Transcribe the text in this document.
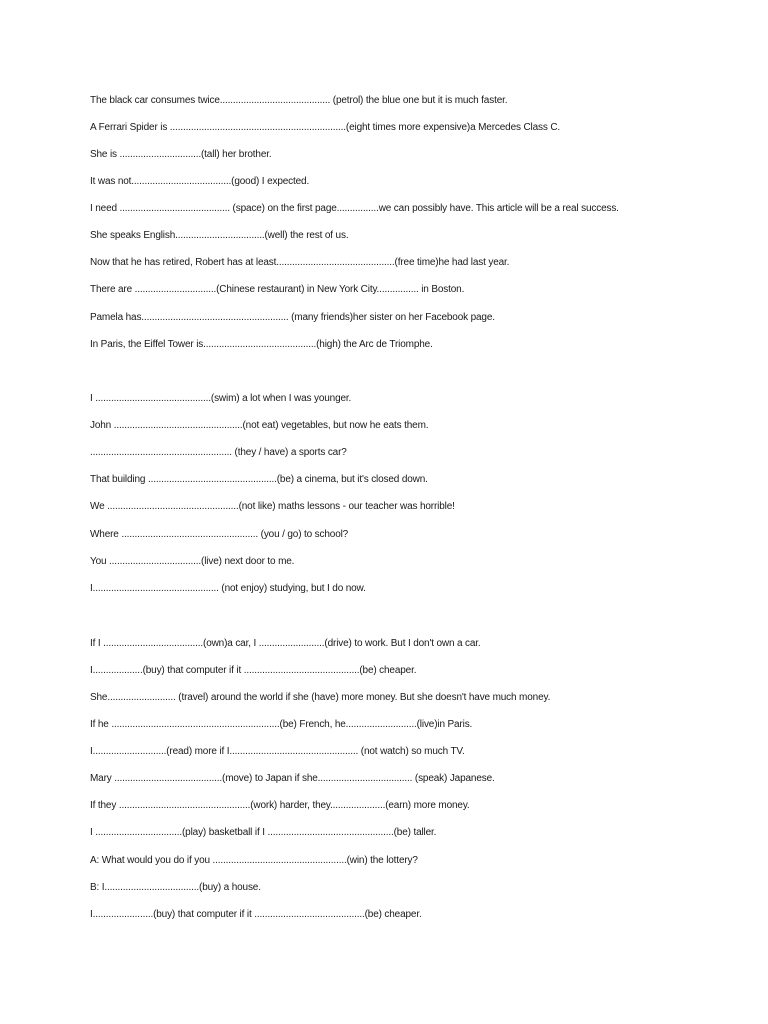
The black car consumes twice.......................................... (petrol) the blue one but it is much faster.
A Ferrari Spider is ...................................................................(eight times more expensive)a Mercedes Class C.
She is ...............................(tall) her brother.
It was not......................................(good) I expected.
I need .......................................... (space) on the first page................we can possibly have. This article will be a real success.
She speaks English..................................(well) the rest of us.
Now that he has retired, Robert has at least.............................................(free time)he had last year.
There are ...............................(Chinese restaurant) in New York City................ in Boston.
Pamela has........................................................ (many friends)her sister on her Facebook page.
In Paris, the Eiffel Tower is...........................................(high) the Arc de Triomphe.
I ............................................(swim) a lot when I was younger.
John .................................................(not eat) vegetables, but now he eats them.
...................................................... (they / have) a sports car?
That building .................................................(be) a cinema, but it's closed down.
We ..................................................(not like) maths lessons - our teacher was horrible!
Where .................................................... (you / go) to school?
You ...................................(live) next door to me.
I................................................ (not enjoy) studying, but I do now.
If I ......................................(own)a car, I .........................(drive) to work. But I don't own a car.
I...................(buy) that computer if it ............................................(be) cheaper.
She.......................... (travel) around the world if she (have) more money. But she doesn't have much money.
If he ................................................................(be) French, he...........................(live)in Paris.
I............................(read) more if I................................................. (not watch) so much TV.
Mary .........................................(move) to Japan if she.................................... (speak) Japanese.
If they ..................................................(work) harder, they.....................(earn) more money.
I .................................(play) basketball if I ................................................(be) taller.
A: What would you do if you ...................................................(win) the lottery?
B: I....................................(buy) a house.
I.......................(buy) that computer if it ..........................................(be) cheaper.
